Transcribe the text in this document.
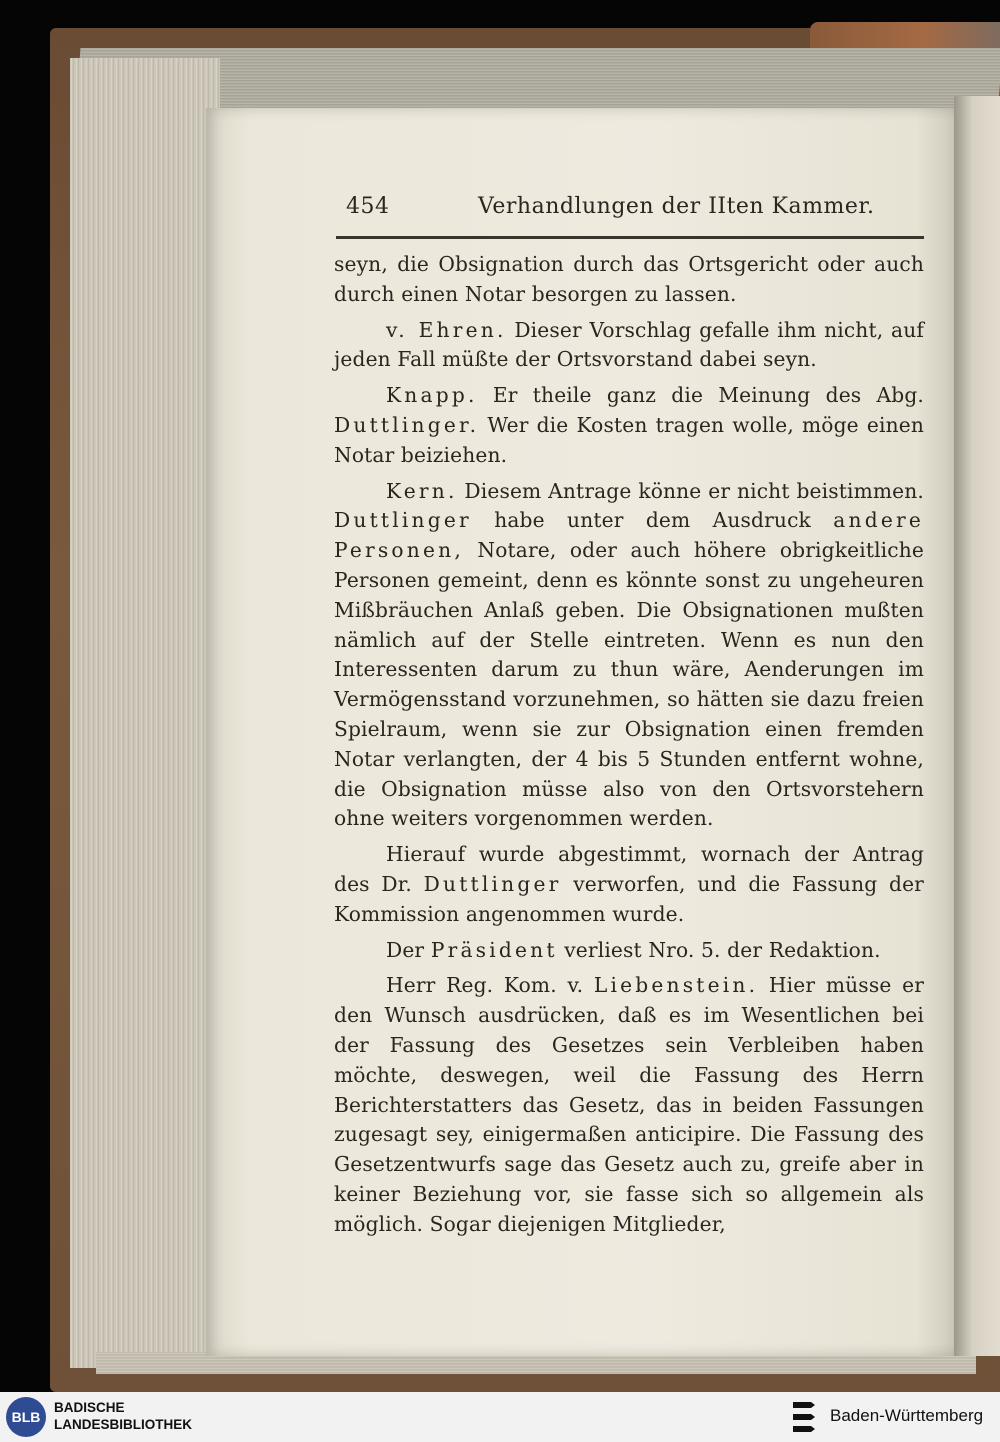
454	Verhandlungen der IIten Kammer.

seyn, die Obsignation durch das Ortsgericht oder auch durch einen Notar besorgen zu lassen.

v. Ehren. Dieser Vorschlag gefalle ihm nicht, auf jeden Fall müßte der Ortsvorstand dabei seyn.

Knapp. Er theile ganz die Meinung des Abg. Duttlinger. Wer die Kosten tragen wolle, möge einen Notar beiziehen.

Kern. Diesem Antrage könne er nicht beistimmen. Duttlinger habe unter dem Ausdruck andere Personen, Notare, oder auch höhere obrigkeitliche Personen gemeint, denn es könnte sonst zu ungeheuren Mißbräuchen Anlaß geben. Die Obsignationen mußten nämlich auf der Stelle eintreten. Wenn es nun den Interessenten darum zu thun wäre, Aenderungen im Vermögensstand vorzunehmen, so hätten sie dazu freien Spielraum, wenn sie zur Obsignation einen fremden Notar verlangten, der 4 bis 5 Stunden entfernt wohne, die Obsignation müsse also von den Ortsvorstehern ohne weiters vorgenommen werden.

Hierauf wurde abgestimmt, wornach der Antrag des Dr. Duttlinger verworfen, und die Fassung der Kommission angenommen wurde.

Der Präsident verliest Nro. 5. der Redaktion.

Herr Reg. Kom. v. Liebenstein. Hier müsse er den Wunsch ausdrücken, daß es im Wesentlichen bei der Fassung des Gesetzes sein Verbleiben haben möchte, deswegen, weil die Fassung des Herrn Berichterstatters das Gesetz, das in beiden Fassungen zugesagt sey, einigermaßen anticipire. Die Fassung des Gesetzentwurfs sage das Gesetz auch zu, greife aber in keiner Beziehung vor, sie fasse sich so allgemein als möglich. Sogar diejenigen Mitglieder,

BLB
BADISCHE
LANDESBIBLIOTHEK	Baden-Württemberg
